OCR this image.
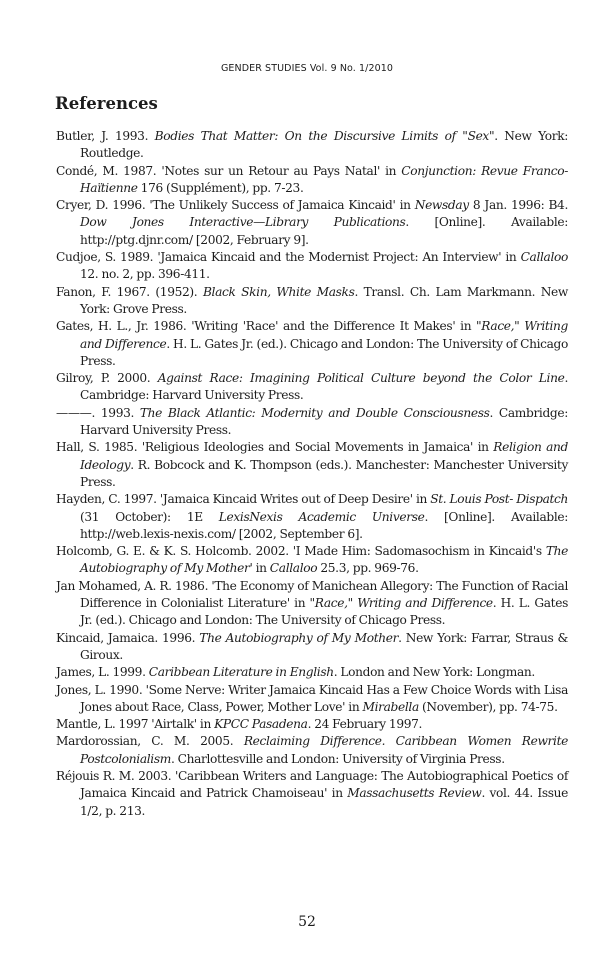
GENDER STUDIES Vol. 9 No. 1/2010
References

Butler, J. 1993. Bodies That Matter: On the Discursive Limits of "Sex". New York: Routledge.

Condé, M. 1987. 'Notes sur un Retour au Pays Natal' in Conjunction: Revue Franco-Haïtienne 176 (Supplément), pp. 7-23.

Cryer, D. 1996. 'The Unlikely Success of Jamaica Kincaid' in Newsday 8 Jan. 1996: B4. Dow Jones Interactive—Library Publications. [Online]. Available: http://ptg.djnr.com/ [2002, February 9].

Cudjoe, S. 1989. 'Jamaica Kincaid and the Modernist Project: An Interview' in Callaloo 12. no. 2, pp. 396-411.

Fanon, F. 1967. (1952). Black Skin, White Masks. Transl. Ch. Lam Markmann. New York: Grove Press.

Gates, H. L., Jr. 1986. 'Writing 'Race' and the Difference It Makes' in "Race," Writing and Difference. H. L. Gates Jr. (ed.). Chicago and London: The University of Chicago Press.

Gilroy, P. 2000. Against Race: Imagining Political Culture beyond the Color Line. Cambridge: Harvard University Press.

———. 1993. The Black Atlantic: Modernity and Double Consciousness. Cambridge: Harvard University Press.

Hall, S. 1985. 'Religious Ideologies and Social Movements in Jamaica' in Religion and Ideology. R. Bobcock and K. Thompson (eds.). Manchester: Manchester University Press.

Hayden, C. 1997. 'Jamaica Kincaid Writes out of Deep Desire' in St. Louis Post- Dispatch (31 October): 1E LexisNexis Academic Universe. [Online]. Available: http://web.lexis-nexis.com/ [2002, September 6].

Holcomb, G. E. & K. S. Holcomb. 2002. 'I Made Him: Sadomasochism in Kincaid's The Autobiography of My Mother' in Callaloo 25.3, pp. 969-76.

Jan Mohamed, A. R. 1986. 'The Economy of Manichean Allegory: The Function of Racial Difference in Colonialist Literature' in "Race," Writing and Difference. H. L. Gates Jr. (ed.). Chicago and London: The University of Chicago Press.

Kincaid, Jamaica. 1996. The Autobiography of My Mother. New York: Farrar, Straus & Giroux.

James, L. 1999. Caribbean Literature in English. London and New York: Longman.

Jones, L. 1990. 'Some Nerve: Writer Jamaica Kincaid Has a Few Choice Words with Lisa Jones about Race, Class, Power, Mother Love' in Mirabella (November), pp. 74-75.

Mantle, L. 1997 'Airtalk' in KPCC Pasadena. 24 February 1997.

Mardorossian, C. M. 2005. Reclaiming Difference. Caribbean Women Rewrite Postcolonialism. Charlottesville and London: University of Virginia Press.

Réjouis R. M. 2003. 'Caribbean Writers and Language: The Autobiographical Poetics of Jamaica Kincaid and Patrick Chamoiseau' in Massachusetts Review. vol. 44. Issue 1/2, p. 213.

52
